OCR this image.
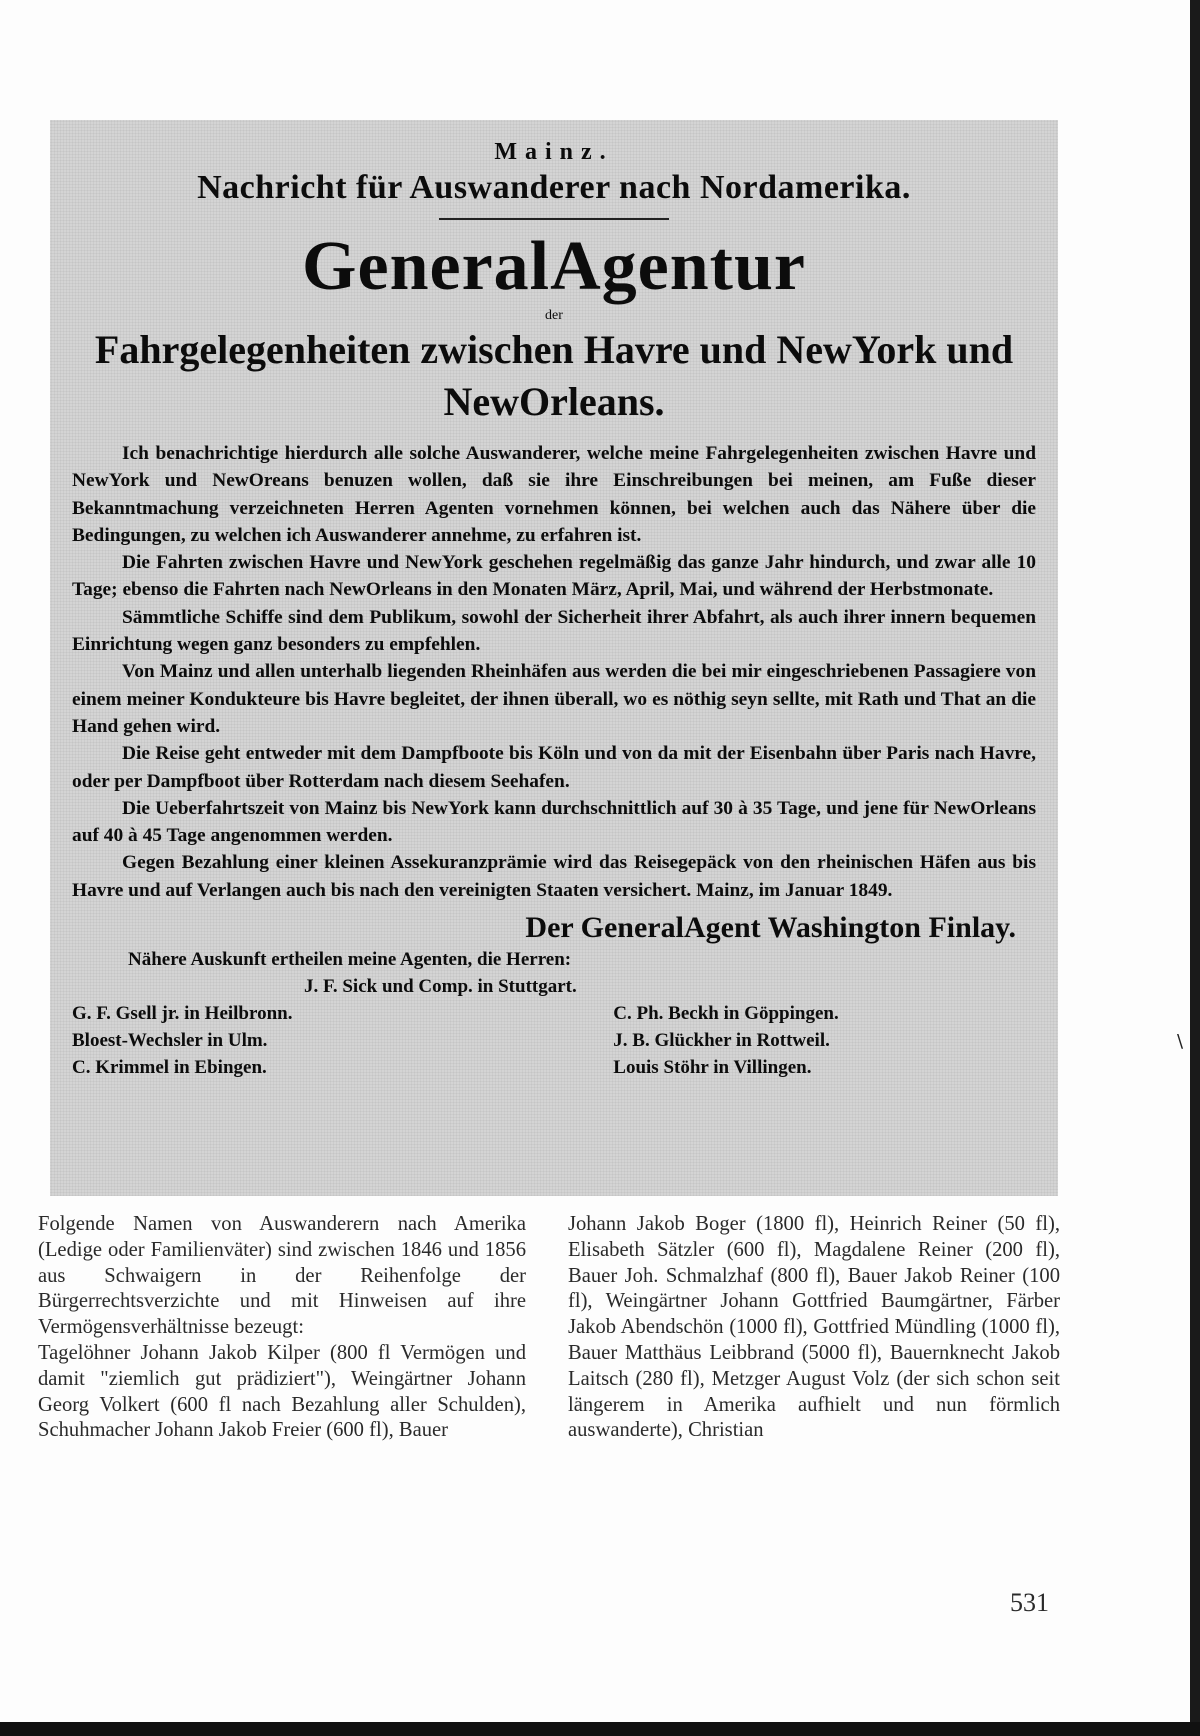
\

Mainz.

Nachricht für Auswanderer nach Nordamerika.

GeneralAgentur

der

Fahrgelegenheiten zwischen Havre und NewYork und NewOrleans.

Ich benachrichtige hierdurch alle solche Auswanderer, welche meine Fahrgelegenheiten zwischen Havre und NewYork und NewOreans benuzen wollen, daß sie ihre Einschreibungen bei meinen, am Fuße dieser Bekanntmachung verzeichneten Herren Agenten vornehmen können, bei welchen auch das Nähere über die Bedingungen, zu welchen ich Auswanderer annehme, zu erfahren ist.

Die Fahrten zwischen Havre und NewYork geschehen regelmäßig das ganze Jahr hindurch, und zwar alle 10 Tage; ebenso die Fahrten nach NewOrleans in den Monaten März, April, Mai, und während der Herbstmonate.

Sämmtliche Schiffe sind dem Publikum, sowohl der Sicherheit ihrer Abfahrt, als auch ihrer innern bequemen Einrichtung wegen ganz besonders zu empfehlen.

Von Mainz und allen unterhalb liegenden Rheinhäfen aus werden die bei mir eingeschriebenen Passagiere von einem meiner Kondukteure bis Havre begleitet, der ihnen überall, wo es nöthig seyn sellte, mit Rath und That an die Hand gehen wird.

Die Reise geht entweder mit dem Dampfboote bis Köln und von da mit der Eisenbahn über Paris nach Havre, oder per Dampfboot über Rotterdam nach diesem Seehafen.

Die Ueberfahrtszeit von Mainz bis NewYork kann durchschnittlich auf 30 à 35 Tage, und jene für NewOrleans auf 40 à 45 Tage angenommen werden.

Gegen Bezahlung einer kleinen Assekuranzprämie wird das Reisegepäck von den rheinischen Häfen aus bis Havre und auf Verlangen auch bis nach den vereinigten Staaten versichert. Mainz, im Januar 1849.

Der GeneralAgent Washington Finlay.
Nähere Auskunft ertheilen meine Agenten, die Herren:
J. F. Sick und Comp. in Stuttgart.
G. F. Gsell jr. in Heilbronn.
Bloest-Wechsler in Ulm.
C. Krimmel in Ebingen.
C. Ph. Beckh in Göppingen.
J. B. Glückher in Rottweil.
Louis Stöhr in Villingen.

Folgende Namen von Auswanderern nach Amerika (Ledige oder Familienväter) sind zwischen 1846 und 1856 aus Schwaigern in der Reihenfolge der Bürgerrechtsverzichte und mit Hinweisen auf ihre Vermögensverhältnisse bezeugt:

Tagelöhner Johann Jakob Kilper (800 fl Vermögen und damit "ziemlich gut prädiziert"), Weingärtner Johann Georg Volkert (600 fl nach Bezahlung aller Schulden), Schuhmacher Johann Jakob Freier (600 fl), Bauer

Johann Jakob Boger (1800 fl), Heinrich Reiner (50 fl), Elisabeth Sätzler (600 fl), Magdalene Reiner (200 fl), Bauer Joh. Schmalzhaf (800 fl), Bauer Jakob Reiner (100 fl), Weingärtner Johann Gottfried Baumgärtner, Färber Jakob Abendschön (1000 fl), Gottfried Mündling (1000 fl), Bauer Matthäus Leibbrand (5000 fl), Bauernknecht Jakob Laitsch (280 fl), Metzger August Volz (der sich schon seit längerem in Amerika aufhielt und nun förmlich auswanderte), Christian

531
